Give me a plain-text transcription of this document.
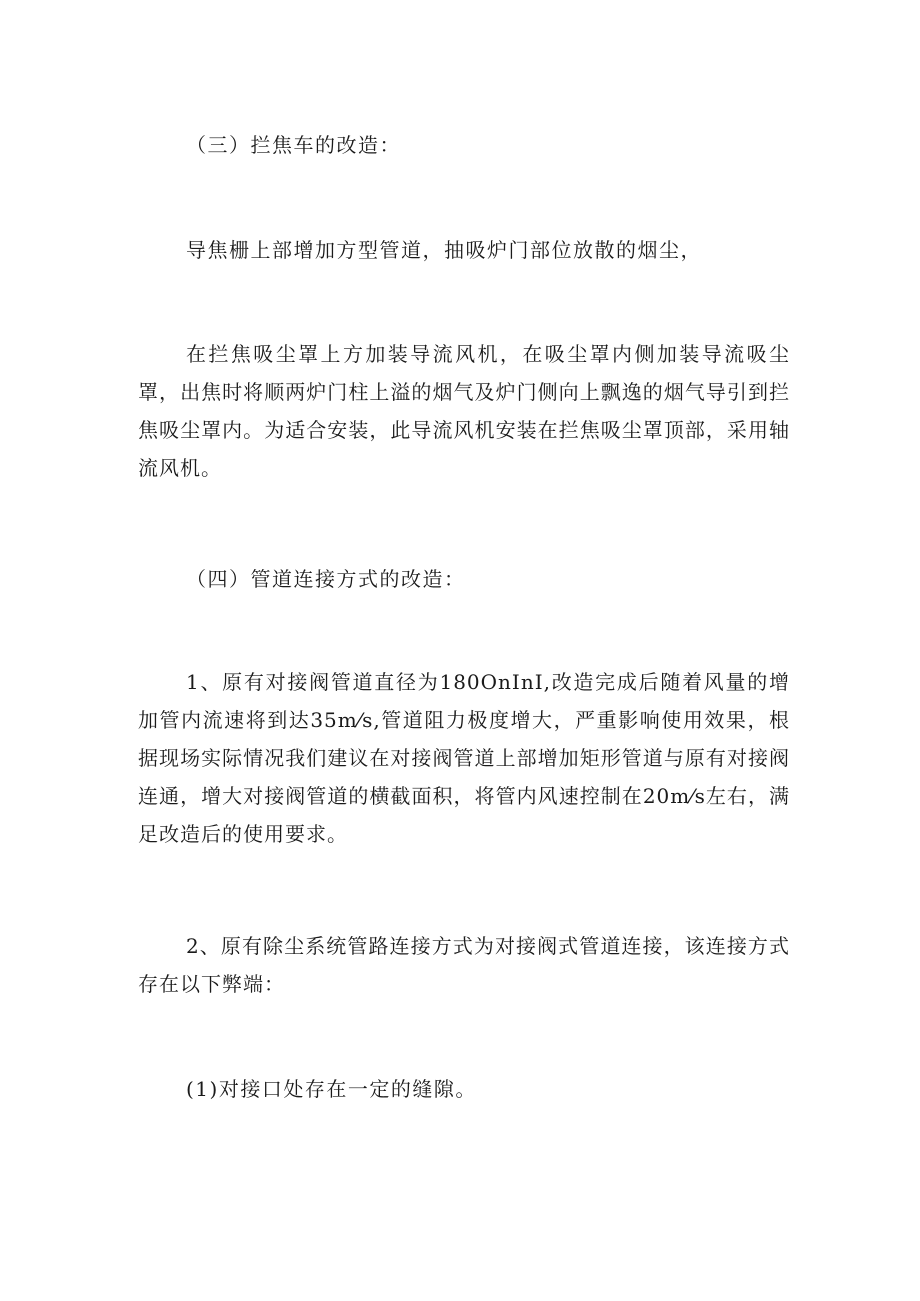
（三）拦焦车的改造：

导焦栅上部增加方型管道，抽吸炉门部位放散的烟尘，

在拦焦吸尘罩上方加装导流风机，在吸尘罩内侧加装导流吸尘罩，出焦时将顺两炉门柱上溢的烟气及炉门侧向上飘逸的烟气导引到拦焦吸尘罩内。为适合安装，此导流风机安装在拦焦吸尘罩顶部，采用轴流风机。

（四）管道连接方式的改造：

1、原有对接阀管道直径为180OnInI,改造完成后随着风量的增加管内流速将到达35m⁄s,管道阻力极度增大，严重影响使用效果，根据现场实际情况我们建议在对接阀管道上部增加矩形管道与原有对接阀连通，增大对接阀管道的横截面积，将管内风速控制在20m⁄s左右，满足改造后的使用要求。

2、原有除尘系统管路连接方式为对接阀式管道连接，该连接方式存在以下弊端：

(1)对接口处存在一定的缝隙。
